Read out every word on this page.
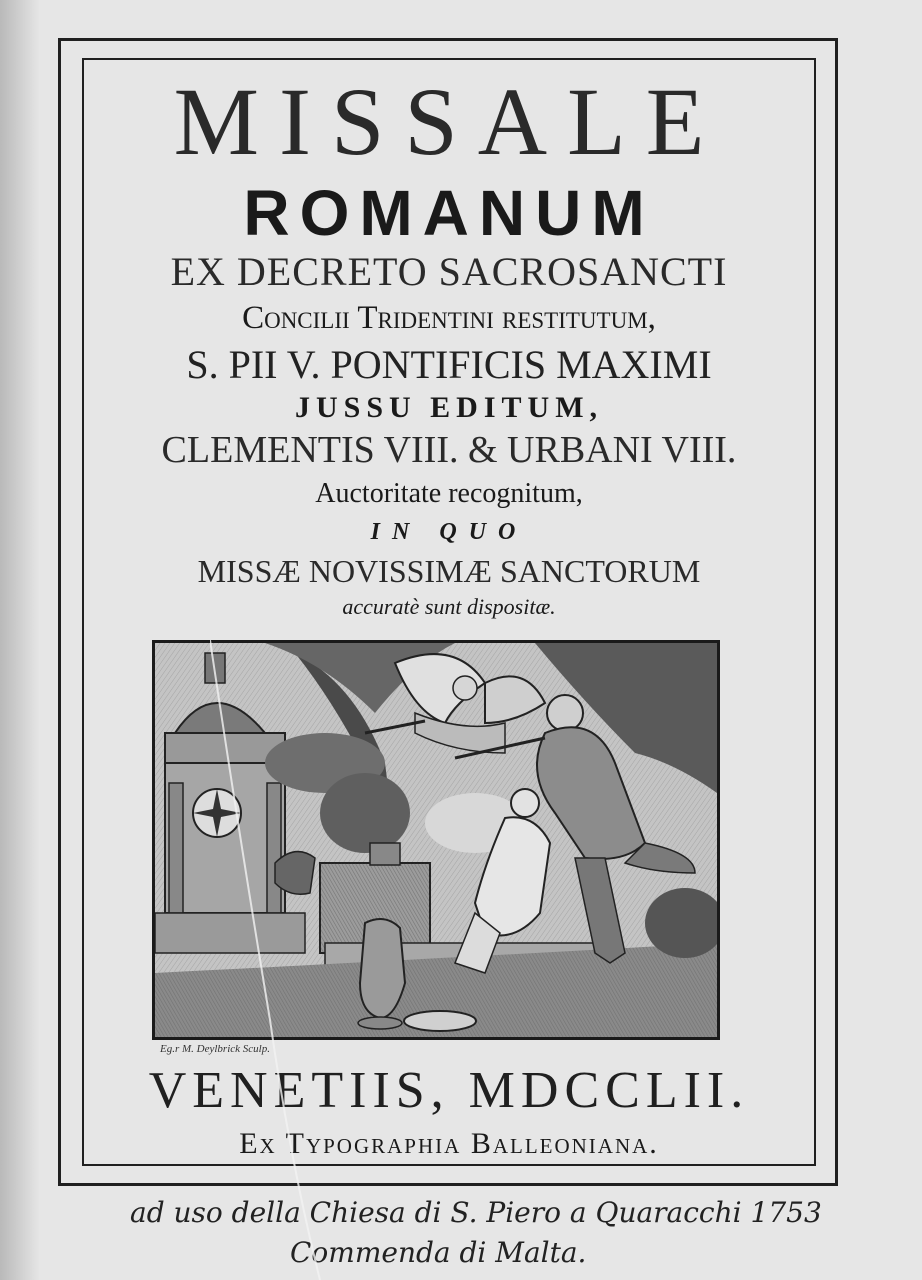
MISSALE
ROMANUM
EX DECRETO SACROSANCTI
Concilii Tridentini restitutum,
S. PII V. PONTIFICIS MAXIMI
JUSSU EDITUM,
CLEMENTIS VIII. & URBANI VIII.
Auctoritate recognitum,
IN QUO
MISSÆ NOVISSIMÆ SANCTORUM
accuratè sunt dispositæ.
Eg.r M. Deylbrick Sculp.
VENETIIS, MDCCLII.
Ex Typographia Balleoniana.
ad uso della Chiesa di S. Piero a Quaracchi 1753
Commenda di Malta.
